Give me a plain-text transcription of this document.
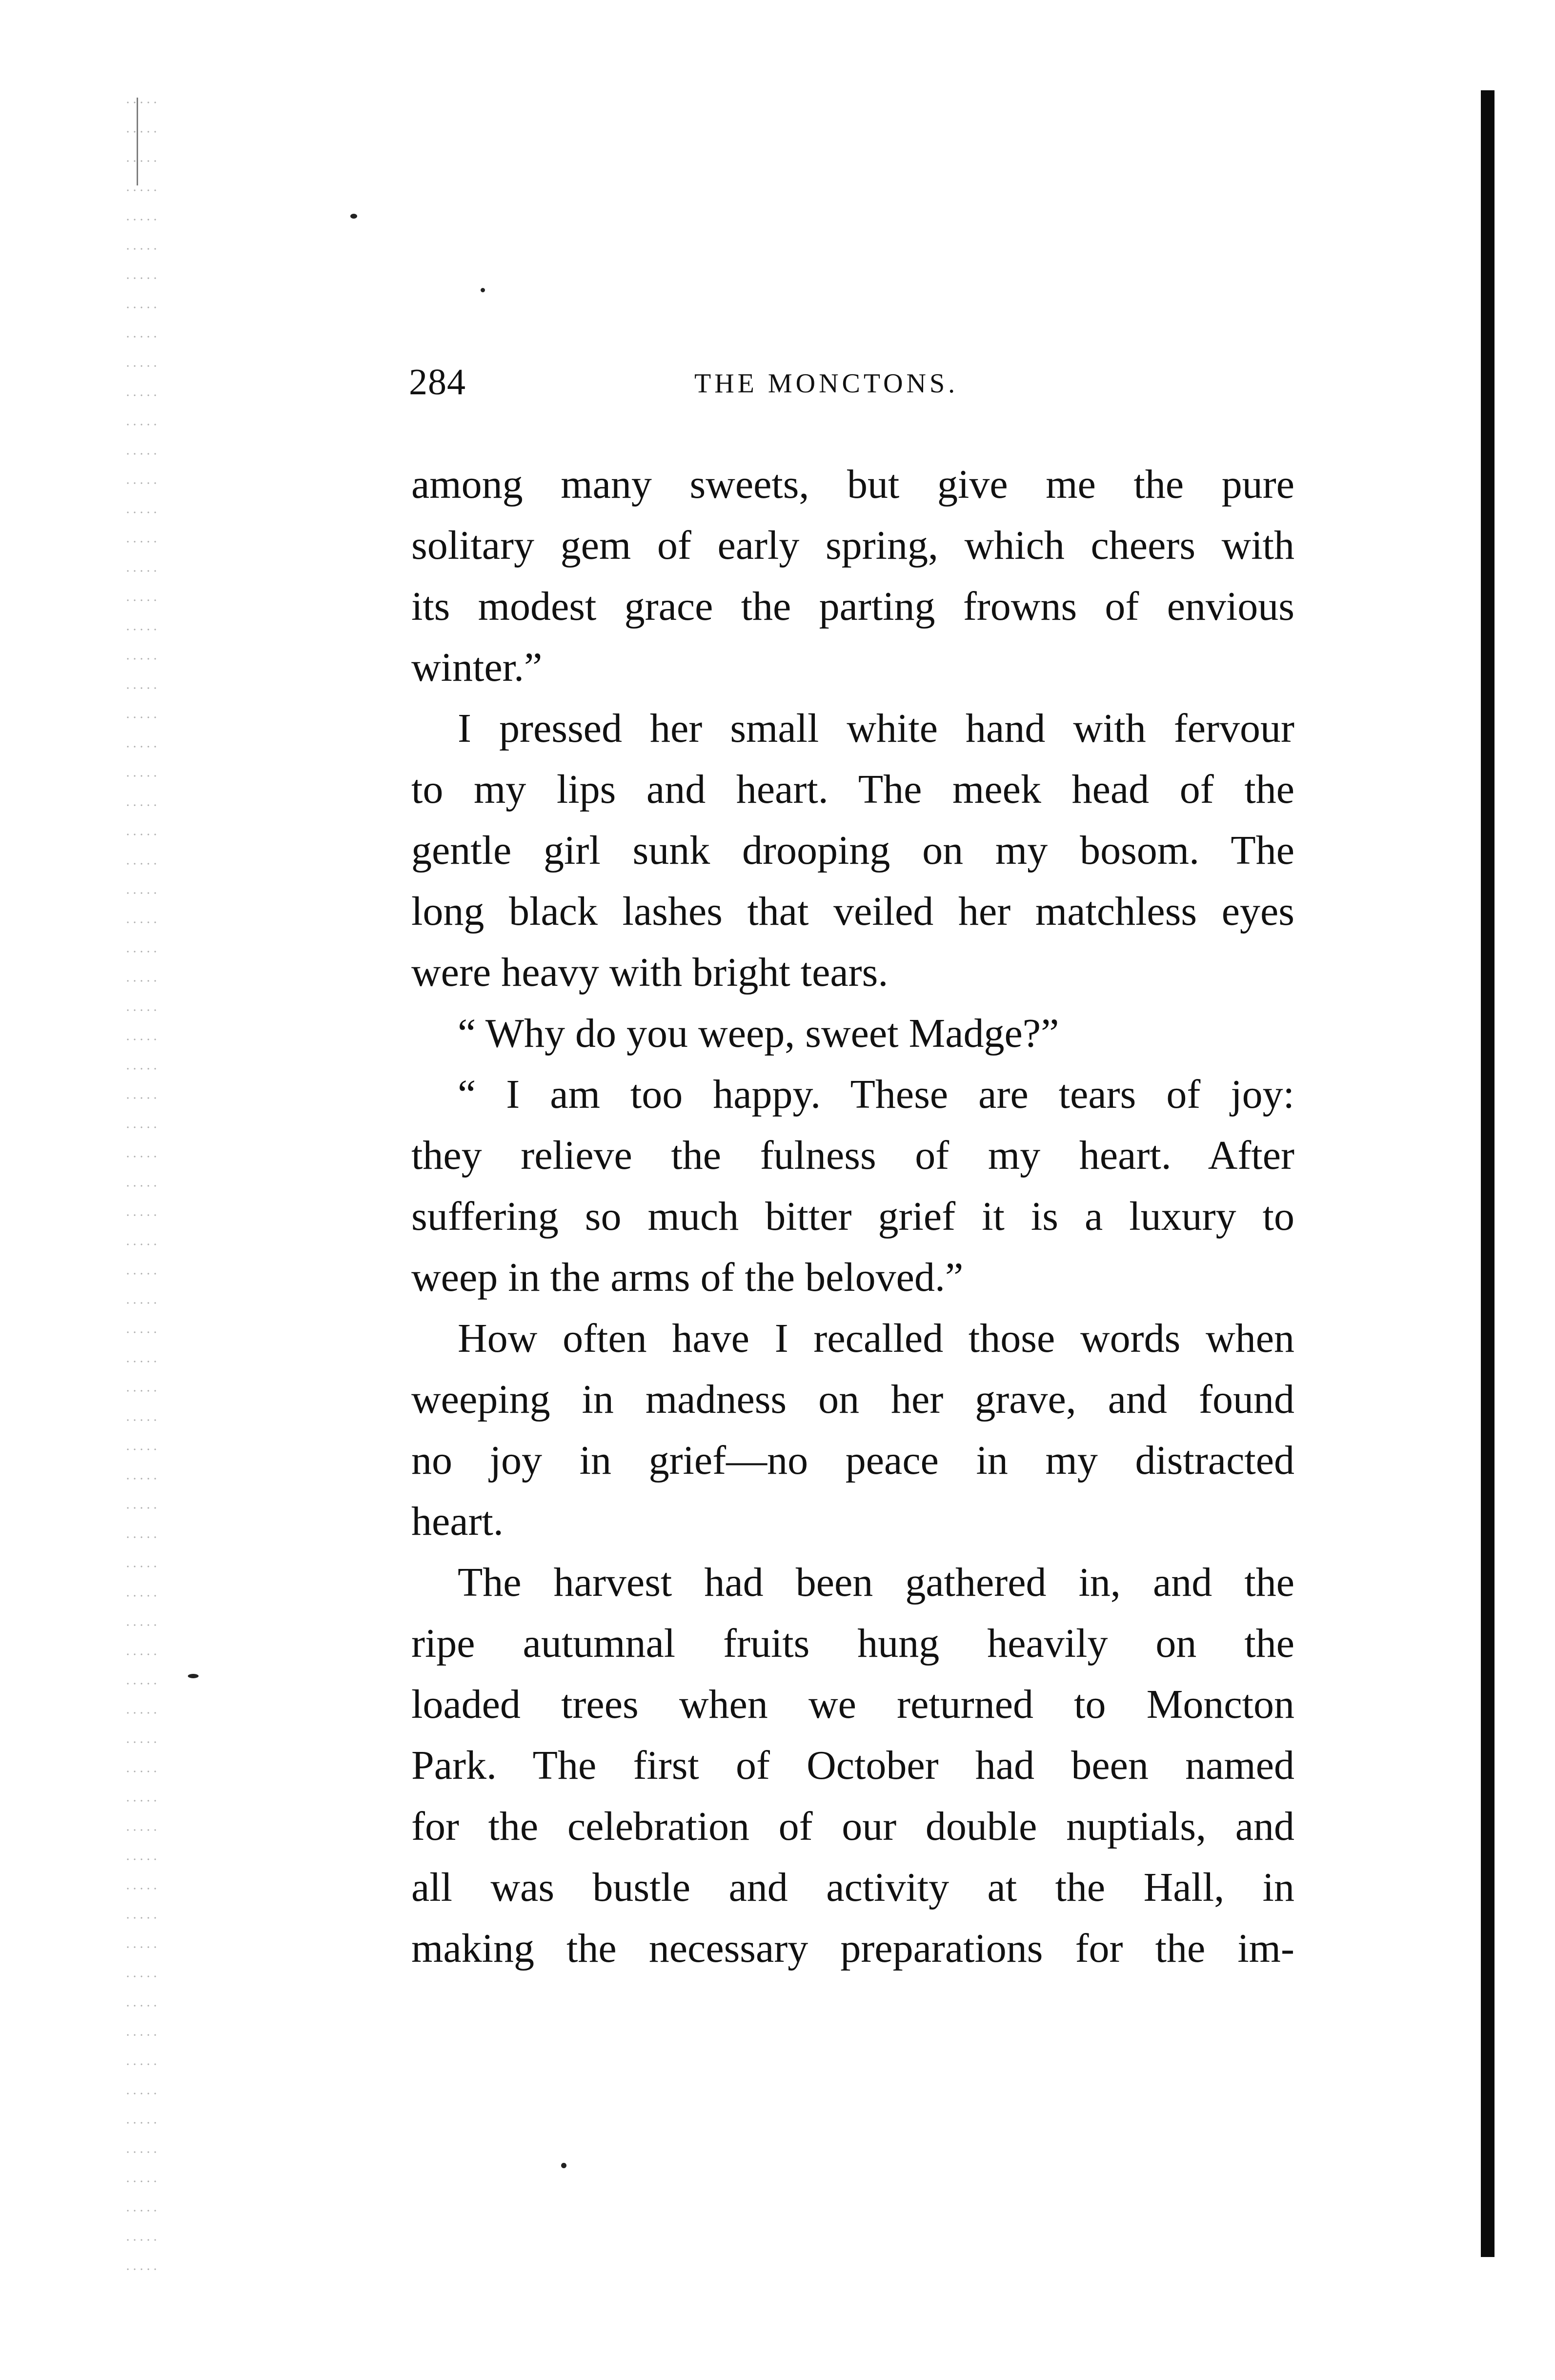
284	THE MONCTONS.
among many sweets, but give me the pure
solitary gem of early spring, which cheers with
its modest grace the parting frowns of envious
winter.”
I pressed her small white hand with fervour
to my lips and heart. The meek head of the
gentle girl sunk drooping on my bosom. The
long black lashes that veiled her matchless eyes
were heavy with bright tears.
“ Why do you weep, sweet Madge?”
“ I am too happy. These are tears of joy:
they relieve the fulness of my heart. After
suffering so much bitter grief it is a luxury to
weep in the arms of the beloved.”
How often have I recalled those words when
weeping in madness on her grave, and found
no joy in grief—no peace in my distracted
heart.
The harvest had been gathered in, and the
ripe autumnal fruits hung heavily on the
loaded trees when we returned to Moncton
Park. The first of October had been named
for the celebration of our double nuptials, and
all was bustle and activity at the Hall, in
making the necessary preparations for the im-
